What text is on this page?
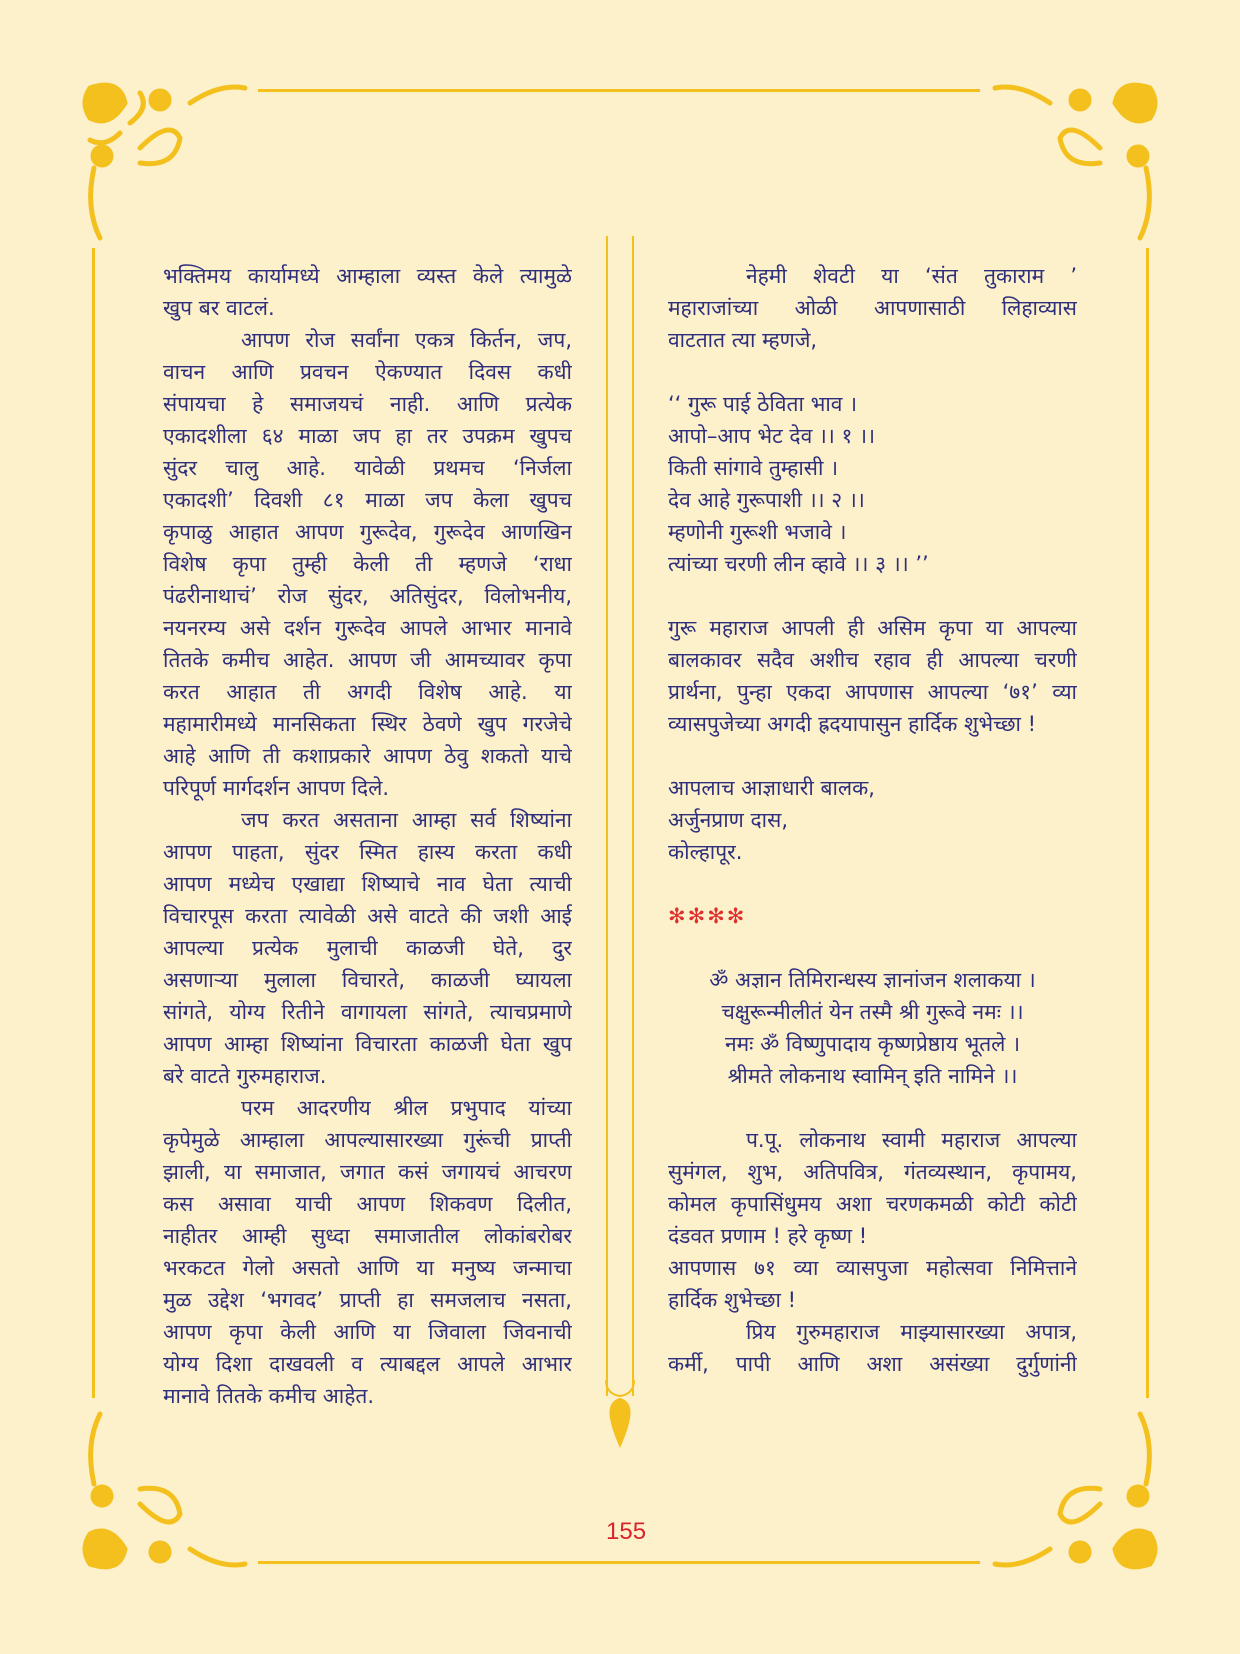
भक्तिमय कार्यामध्ये आम्हाला व्यस्त केले त्यामुळे
खुप बर वाटलं.
आपण रोज सर्वांना एकत्र किर्तन, जप,
वाचन आणि प्रवचन ऐकण्यात दिवस कधी
संपायचा हे समाजयचं नाही. आणि प्रत्येक
एकादशीला ६४ माळा जप हा तर उपक्रम खुपच
सुंदर चालु आहे. यावेळी प्रथमच ‘निर्जला
एकादशी’ दिवशी ८१ माळा जप केला खुपच
कृपाळु आहात आपण गुरूदेव, गुरूदेव आणखिन
विशेष कृपा तुम्ही केली ती म्हणजे ‘राधा
पंढरीनाथाचं’ रोज सुंदर, अतिसुंदर, विलोभनीय,
नयनरम्य असे दर्शन गुरूदेव आपले आभार मानावे
तितके कमीच आहेत. आपण जी आमच्यावर कृपा
करत आहात ती अगदी विशेष आहे. या
महामारीमध्ये मानसिकता स्थिर ठेवणे खुप गरजेचे
आहे आणि ती कशाप्रकारे आपण ठेवु शकतो याचे
परिपूर्ण मार्गदर्शन आपण दिले.
जप करत असताना आम्हा सर्व शिष्यांना
आपण पाहता, सुंदर स्मित हास्य करता कधी
आपण मध्येच एखाद्या शिष्याचे नाव घेता त्याची
विचारपूस करता त्यावेळी असे वाटते की जशी आई
आपल्या प्रत्येक मुलाची काळजी घेते, दुर
असणाऱ्या मुलाला विचारते, काळजी घ्यायला
सांगते, योग्य रितीने वागायला सांगते, त्याचप्रमाणे
आपण आम्हा शिष्यांना विचारता काळजी घेता खुप
बरे वाटते गुरुमहाराज.
परम आदरणीय श्रील प्रभुपाद यांच्या
कृपेमुळे आम्हाला आपल्यासारख्या गुरूंची प्राप्ती
झाली, या समाजात, जगात कसं जगायचं आचरण
कस असावा याची आपण शिकवण दिलीत,
नाहीतर आम्ही सुध्दा समाजातील लोकांबरोबर
भरकटत गेलो असतो आणि या मनुष्य जन्माचा
मुळ उद्देश ‘भगवद’ प्राप्ती हा समजलाच नसता,
आपण कृपा केली आणि या जिवाला जिवनाची
योग्य दिशा दाखवली व त्याबद्दल आपले आभार
मानावे तितके कमीच आहेत.
नेहमी शेवटी या ‘संत तुकाराम ’
महाराजांच्या ओळी आपणासाठी लिहाव्यास
वाटतात त्या म्हणजे,
‘‘ गुरू पाई ठेविता भाव ।
आपो–आप भेट देव ।। १ ।।
किती सांगावे तुम्हासी ।
देव आहे गुरूपाशी ।। २ ।।
म्हणोनी गुरूशी भजावे ।
त्यांच्या चरणी लीन व्हावे ।। ३ ।। ’’
गुरू महाराज आपली ही असिम कृपा या आपल्या
बालकावर सदैव अशीच रहाव ही आपल्या चरणी
प्रार्थना, पुन्हा एकदा आपणास आपल्या ‘७१’ व्या
व्यासपुजेच्या अगदी ह्रदयापासुन हार्दिक शुभेच्छा !
आपलाच आज्ञाधारी बालक,
अर्जुनप्राण दास,
कोल्हापूर.
✻✻✻✻
ॐ अज्ञान तिमिरान्धस्य ज्ञानांजन शलाकया ।
चक्षुरून्मीलीतं येन तस्मै श्री गुरूवे नमः ।।
नमः ॐ विष्णुपादाय कृष्णप्रेष्ठाय भूतले ।
श्रीमते लोकनाथ स्वामिन् इति नामिने ।।
प.पू. लोकनाथ स्वामी महाराज आपल्या
सुमंगल, शुभ, अतिपवित्र, गंतव्यस्थान, कृपामय,
कोमल कृपासिंधुमय अशा चरणकमळी कोटी कोटी
दंडवत प्रणाम ! हरे कृष्ण !
आपणास ७१ व्या व्यासपुजा महोत्सवा निमित्ताने
हार्दिक शुभेच्छा !
प्रिय गुरुमहाराज माझ्यासारख्या अपात्र,
कर्मी, पापी आणि अशा असंख्या दुर्गुणांनी
155
